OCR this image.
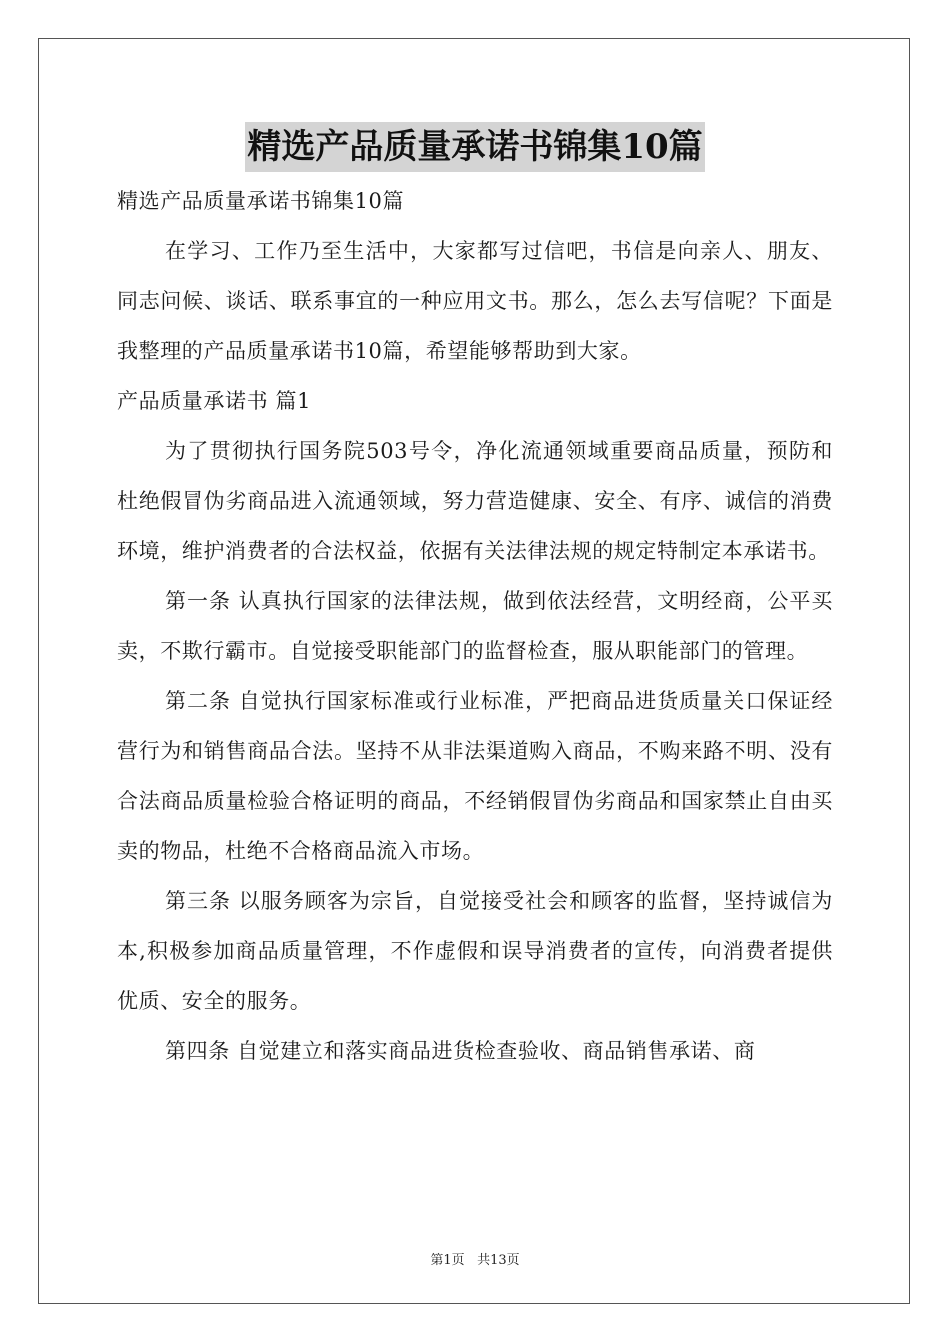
精选产品质量承诺书锦集10篇
精选产品质量承诺书锦集10篇

在学习、工作乃至生活中，大家都写过信吧，书信是向亲人、朋友、同志问候、谈话、联系事宜的一种应用文书。那么，怎么去写信呢？下面是我整理的产品质量承诺书10篇，希望能够帮助到大家。

产品质量承诺书 篇1

为了贯彻执行国务院503号令，净化流通领域重要商品质量，预防和杜绝假冒伪劣商品进入流通领域，努力营造健康、安全、有序、诚信的消费环境，维护消费者的合法权益，依据有关法律法规的规定特制定本承诺书。

第一条 认真执行国家的法律法规，做到依法经营，文明经商，公平买卖，不欺行霸市。自觉接受职能部门的监督检查，服从职能部门的管理。

第二条 自觉执行国家标准或行业标准，严把商品进货质量关口保证经营行为和销售商品合法。坚持不从非法渠道购入商品，不购来路不明、没有合法商品质量检验合格证明的商品，不经销假冒伪劣商品和国家禁止自由买卖的物品，杜绝不合格商品流入市场。

第三条 以服务顾客为宗旨，自觉接受社会和顾客的监督，坚持诚信为本,积极参加商品质量管理，不作虚假和误导消费者的宣传，向消费者提供优质、安全的服务。

第四条 自觉建立和落实商品进货检查验收、商品销售承诺、商

第1页 共13页
